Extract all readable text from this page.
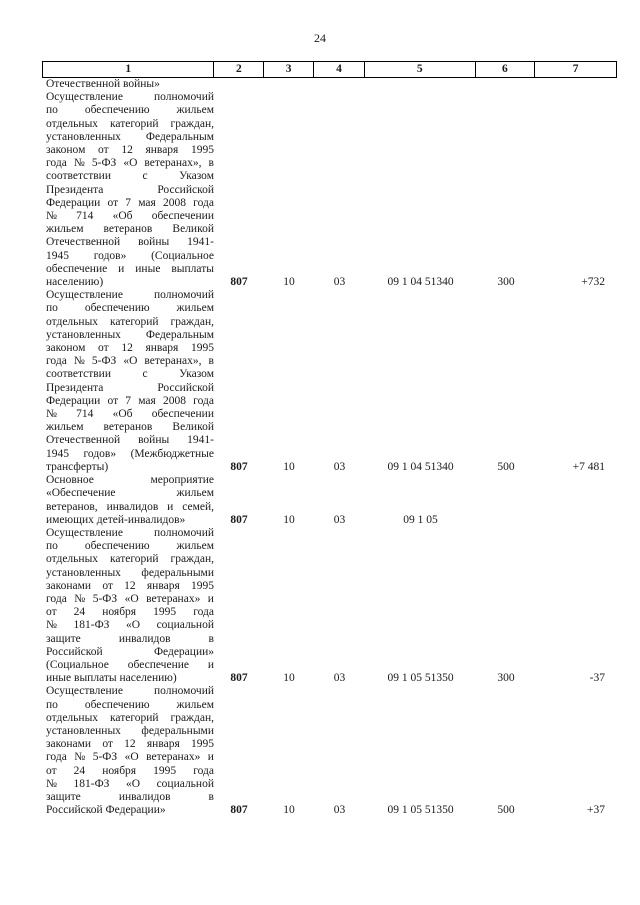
24
1	2	3	4	5	6	7
Отечественной войны»
Осуществление	полномочий
по обеспечению жильем
отдельных категорий граждан,
установленных Федеральным
законом от 12 января 1995
года № 5-ФЗ «О ветеранах», в
соответствии	с	Указом
Президента	Российской
Федерации от 7 мая 2008 года
№ 714 «Об обеспечении
жильем ветеранов Великой
Отечественной войны 1941-
1945 годов» (Социальное
обеспечение и иные выплаты
населению)	807	10	03	09 1 04 51340	300	+732
Осуществление	полномочий
по обеспечению жильем
отдельных категорий граждан,
установленных Федеральным
законом от 12 января 1995
года № 5-ФЗ «О ветеранах», в
соответствии	с	Указом
Президента	Российской
Федерации от 7 мая 2008 года
№ 714 «Об обеспечении
жильем ветеранов Великой
Отечественной войны 1941-
1945 годов» (Межбюджетные
трансферты)	807	10	03	09 1 04 51340	500	+7 481
Основное	мероприятие
«Обеспечение	жильем
ветеранов, инвалидов и семей,
имеющих детей-инвалидов»	807	10	03	09 1 05
Осуществление	полномочий
по обеспечению жильем
отдельных категорий граждан,
установленных федеральными
законами от 12 января 1995
года № 5-ФЗ «О ветеранах» и
от 24 ноября 1995 года
№ 181-ФЗ «О социальной
защите	инвалидов	в
Российской	Федерации»
(Социальное обеспечение и
иные выплаты населению)	807	10	03	09 1 05 51350	300	-37
Осуществление	полномочий
по обеспечению жильем
отдельных категорий граждан,
установленных федеральными
законами от 12 января 1995
года № 5-ФЗ «О ветеранах» и
от 24 ноября 1995 года
№ 181-ФЗ «О социальной
защите	инвалидов	в
Российской Федерации»	807	10	03	09 1 05 51350	500	+37
